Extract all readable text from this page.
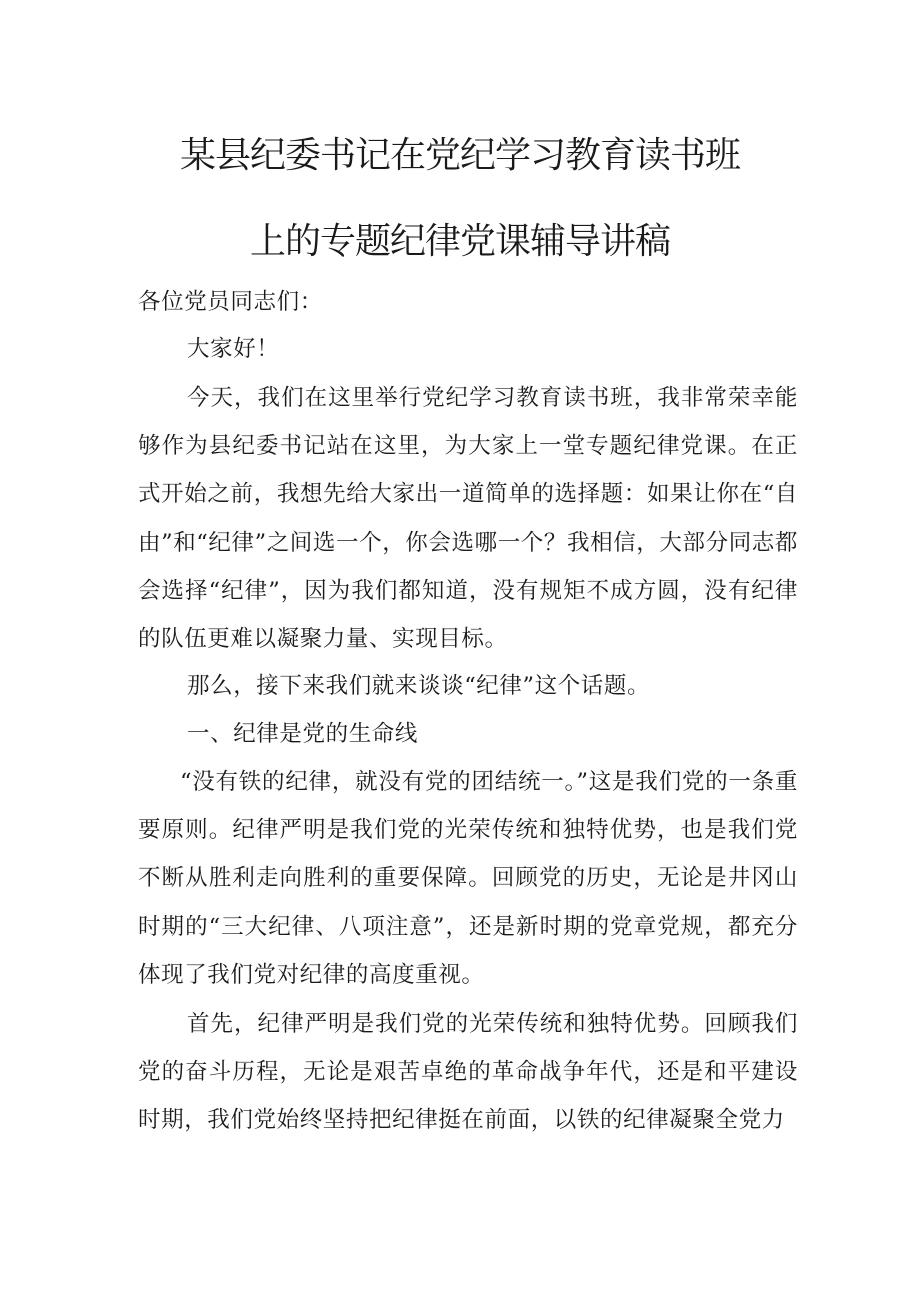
某县纪委书记在党纪学习教育读书班
上的专题纪律党课辅导讲稿
各位党员同志们：
大家好！
今天，我们在这里举行党纪学习教育读书班，我非常荣幸能够作为县纪委书记站在这里，为大家上一堂专题纪律党课。在正式开始之前，我想先给大家出一道简单的选择题：如果让你在“自由”和“纪律”之间选一个，你会选哪一个？我相信，大部分同志都会选择“纪律”，因为我们都知道，没有规矩不成方圆，没有纪律的队伍更难以凝聚力量、实现目标。
那么，接下来我们就来谈谈“纪律”这个话题。
一、纪律是党的生命线
“没有铁的纪律，就没有党的团结统一。”这是我们党的一条重要原则。纪律严明是我们党的光荣传统和独特优势，也是我们党不断从胜利走向胜利的重要保障。回顾党的历史，无论是井冈山时期的“三大纪律、八项注意”，还是新时期的党章党规，都充分体现了我们党对纪律的高度重视。
首先，纪律严明是我们党的光荣传统和独特优势。回顾我们党的奋斗历程，无论是艰苦卓绝的革命战争年代，还是和平建设时期，我们党始终坚持把纪律挺在前面，以铁的纪律凝聚全党力
